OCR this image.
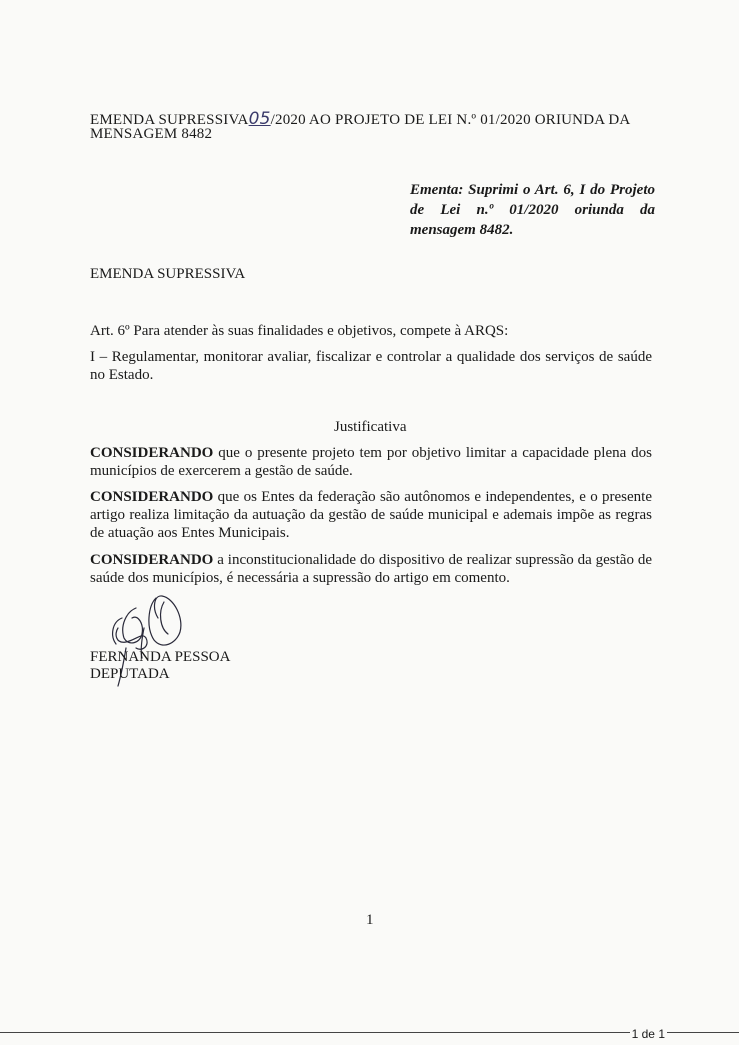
EMENDA SUPRESSIVA05/2020 AO PROJETO DE LEI N.º 01/2020 ORIUNDA DA
MENSAGEM 8482
Ementa: Suprimi o Art. 6, I do Projeto
de Lei n.º 01/2020 oriunda da
mensagem 8482.
EMENDA SUPRESSIVA
Art. 6º Para atender às suas finalidades e objetivos, compete à ARQS:
I – Regulamentar, monitorar avaliar, fiscalizar e controlar a qualidade dos serviços de saúde
no Estado.
Justificativa
CONSIDERANDO que o presente projeto tem por objetivo limitar a capacidade plena dos
municípios de exercerem a gestão de saúde.
CONSIDERANDO que os Entes da federação são autônomos e independentes, e o presente
artigo realiza limitação da autuação da gestão de saúde municipal e ademais impõe as regras
de atuação aos Entes Municipais.
CONSIDERANDO a inconstitucionalidade do dispositivo de realizar supressão da gestão de
saúde dos municípios, é necessária a supressão do artigo em comento.
FERNANDA PESSOA
DEPUTADA
1
1 de 1
